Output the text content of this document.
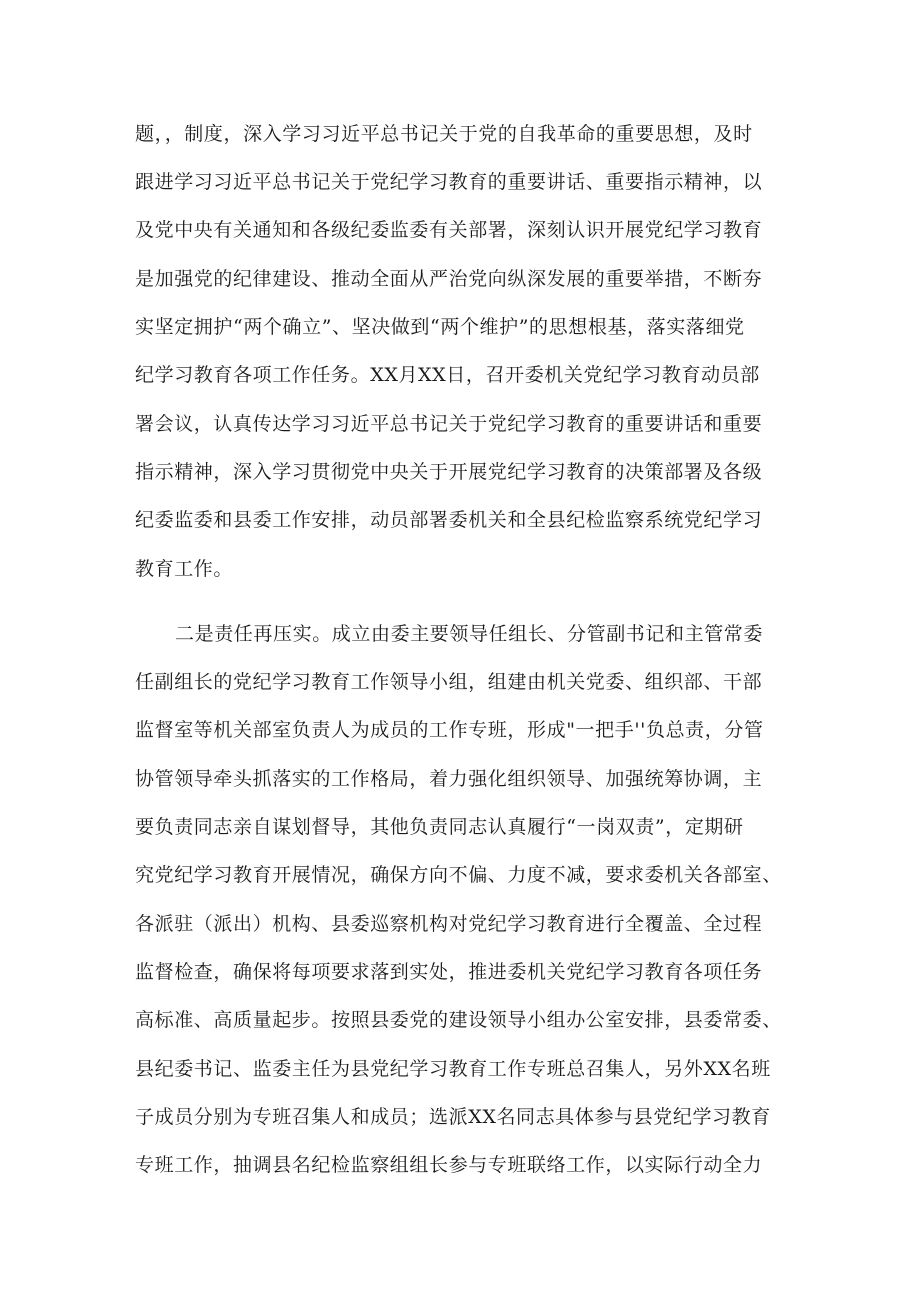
题，，制度，深入学习习近平总书记关于党的自我革命的重要思想，及时
跟进学习习近平总书记关于党纪学习教育的重要讲话、重要指示精神，以
及党中央有关通知和各级纪委监委有关部署，深刻认识开展党纪学习教育
是加强党的纪律建设、推动全面从严治党向纵深发展的重要举措，不断夯
实坚定拥护“两个确立”、坚决做到“两个维护”的思想根基，落实落细党
纪学习教育各项工作任务。XX月XX日，召开委机关党纪学习教育动员部
署会议，认真传达学习习近平总书记关于党纪学习教育的重要讲话和重要
指示精神，深入学习贯彻党中央关于开展党纪学习教育的决策部署及各级
纪委监委和县委工作安排，动员部署委机关和全县纪检监察系统党纪学习
教育工作。
二是责任再压实。成立由委主要领导任组长、分管副书记和主管常委
任副组长的党纪学习教育工作领导小组，组建由机关党委、组织部、干部
监督室等机关部室负责人为成员的工作专班，形成"一把手''负总责，分管
协管领导牵头抓落实的工作格局，着力强化组织领导、加强统筹协调，主
要负责同志亲自谋划督导，其他负责同志认真履行“一岗双责”，定期研
究党纪学习教育开展情况，确保方向不偏、力度不减，要求委机关各部室、
各派驻（派出）机构、县委巡察机构对党纪学习教育进行全覆盖、全过程
监督检查，确保将每项要求落到实处，推进委机关党纪学习教育各项任务
高标准、高质量起步。按照县委党的建设领导小组办公室安排，县委常委、
县纪委书记、监委主任为县党纪学习教育工作专班总召集人，另外XX名班
子成员分别为专班召集人和成员；选派XX名同志具体参与县党纪学习教育
专班工作，抽调县名纪检监察组组长参与专班联络工作，以实际行动全力
